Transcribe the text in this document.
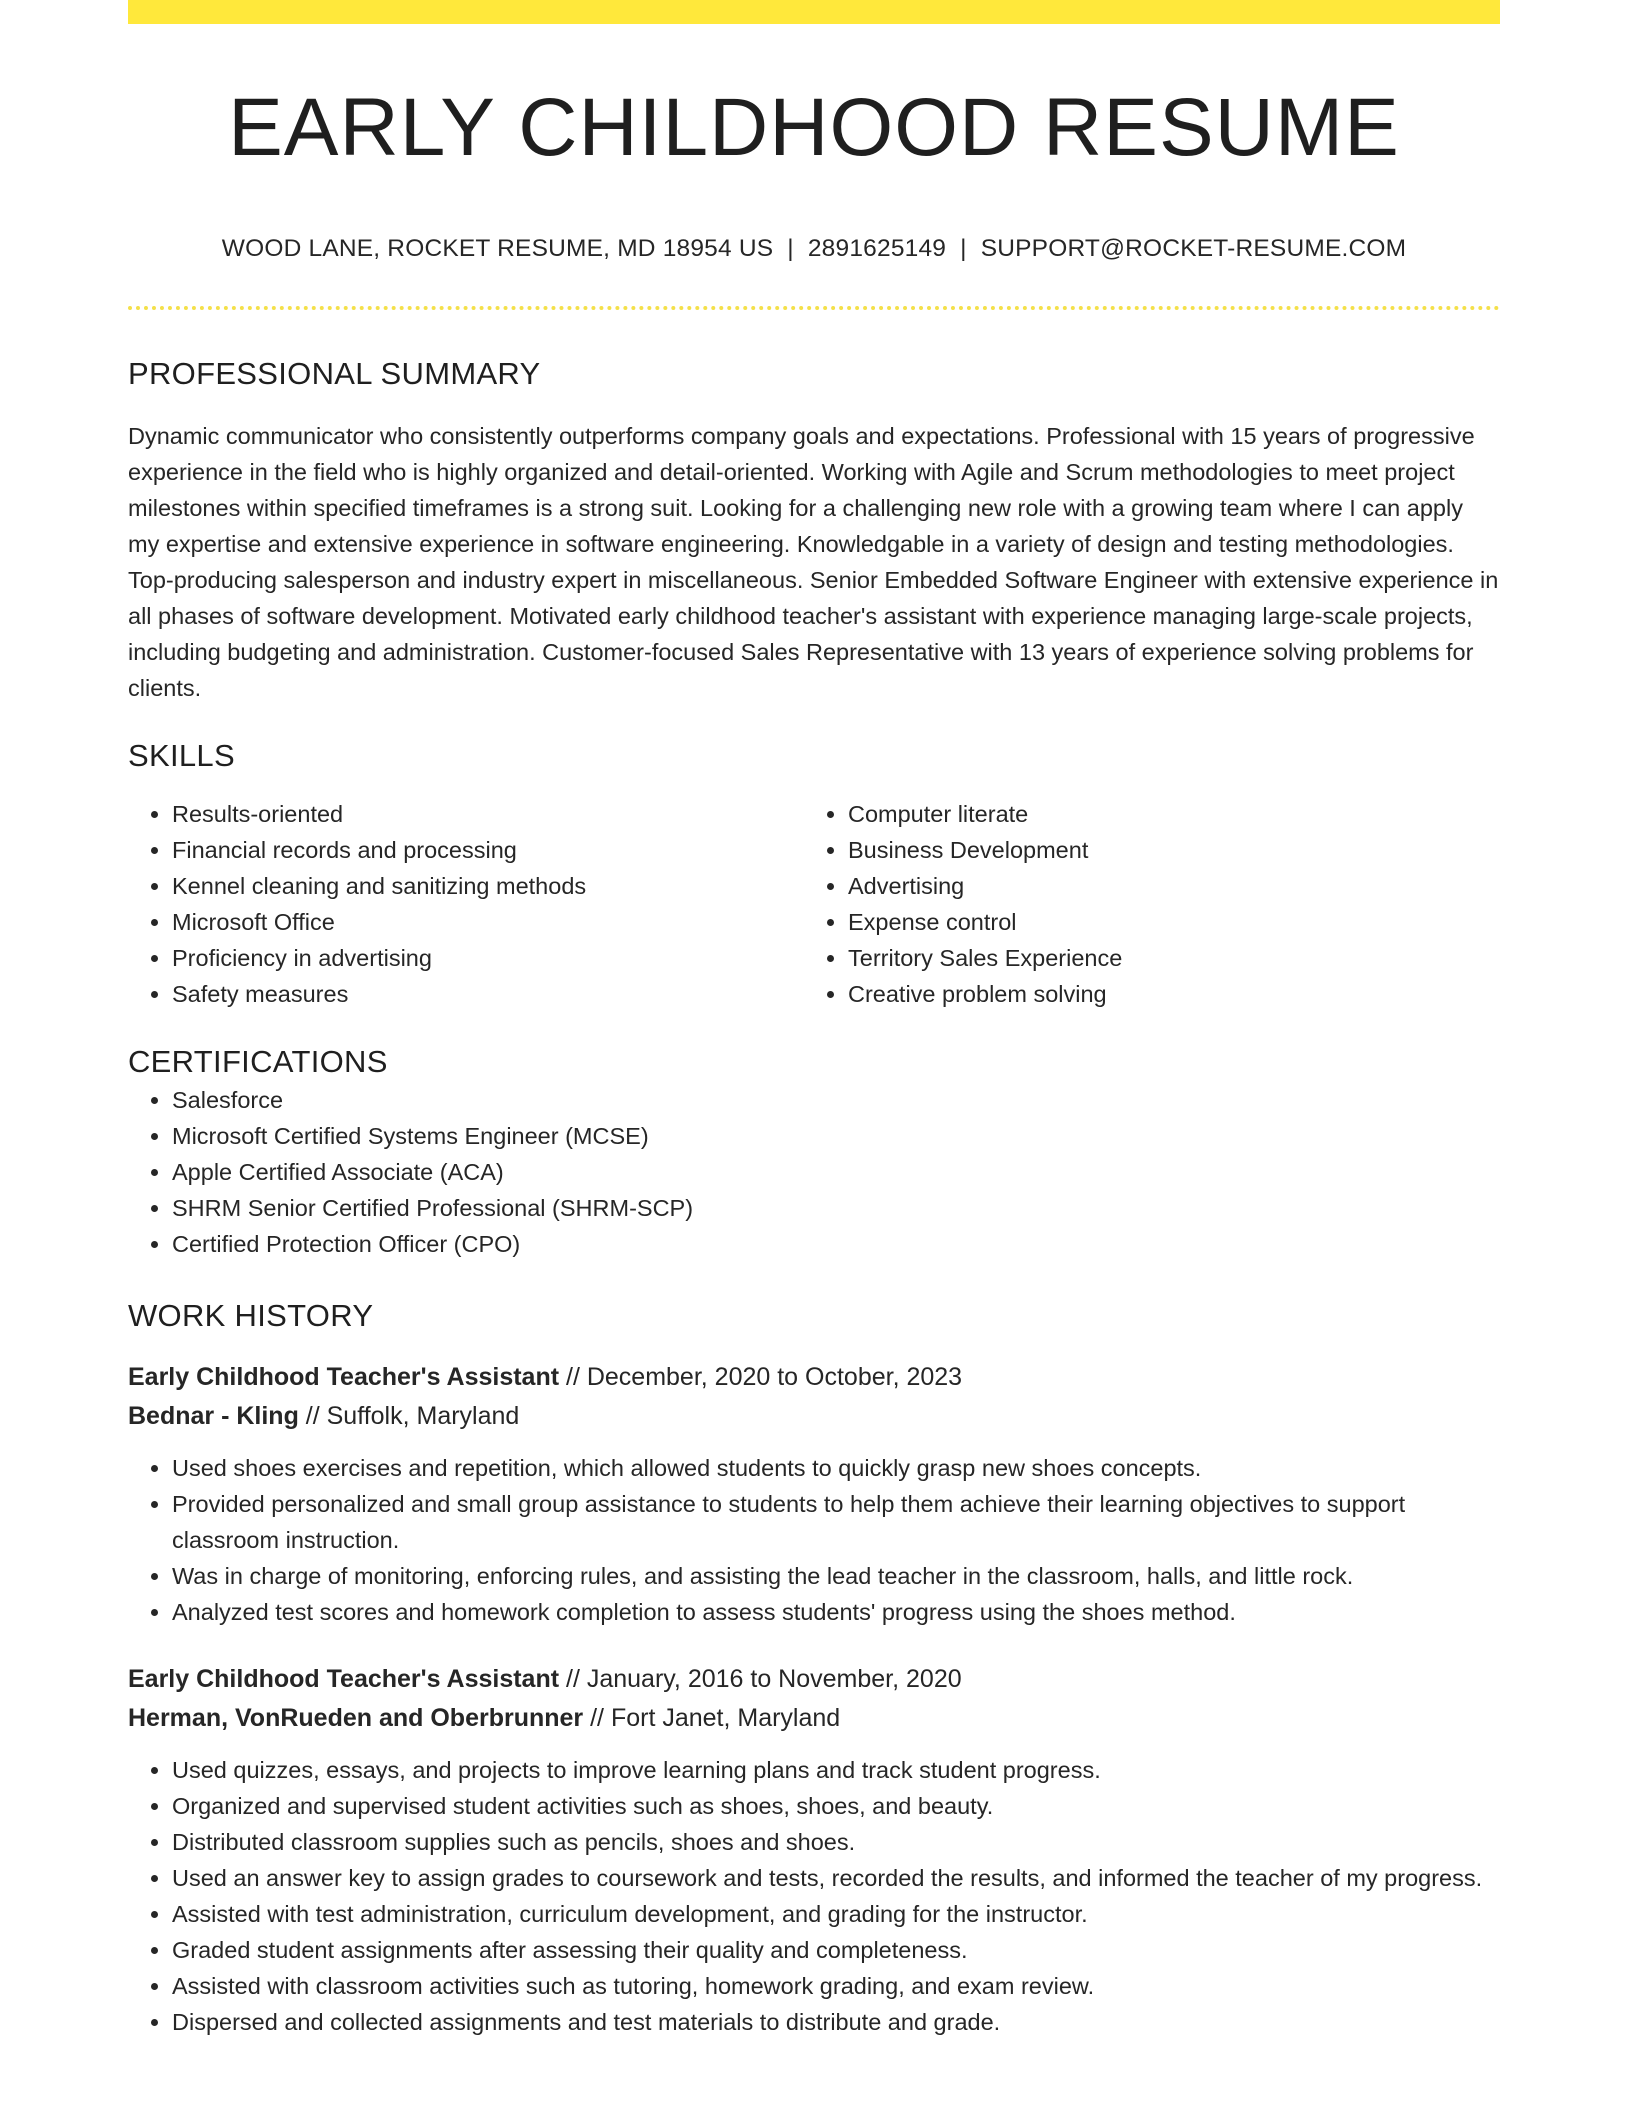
EARLY CHILDHOOD RESUME
WOOD LANE, ROCKET RESUME, MD 18954 US | 2891625149 | SUPPORT@ROCKET-RESUME.COM
PROFESSIONAL SUMMARY

Dynamic communicator who consistently outperforms company goals and expectations. Professional with 15 years of progressive experience in the field who is highly organized and detail-oriented. Working with Agile and Scrum methodologies to meet project milestones within specified timeframes is a strong suit. Looking for a challenging new role with a growing team where I can apply my expertise and extensive experience in software engineering. Knowledgable in a variety of design and testing methodologies. Top-producing salesperson and industry expert in miscellaneous. Senior Embedded Software Engineer with extensive experience in all phases of software development. Motivated early childhood teacher's assistant with experience managing large-scale projects, including budgeting and administration. Customer-focused Sales Representative with 13 years of experience solving problems for clients.

SKILLS
• Results-oriented
• Financial records and processing
• Kennel cleaning and sanitizing methods
• Microsoft Office
• Proficiency in advertising
• Safety measures
• Computer literate
• Business Development
• Advertising
• Expense control
• Territory Sales Experience
• Creative problem solving
CERTIFICATIONS
• Salesforce
• Microsoft Certified Systems Engineer (MCSE)
• Apple Certified Associate (ACA)
• SHRM Senior Certified Professional (SHRM-SCP)
• Certified Protection Officer (CPO)
WORK HISTORY
Early Childhood Teacher's Assistant // December, 2020 to October, 2023
Bednar - Kling // Suffolk, Maryland
• Used shoes exercises and repetition, which allowed students to quickly grasp new shoes concepts.
• Provided personalized and small group assistance to students to help them achieve their learning objectives to support classroom instruction.
• Was in charge of monitoring, enforcing rules, and assisting the lead teacher in the classroom, halls, and little rock.
• Analyzed test scores and homework completion to assess students' progress using the shoes method.
Early Childhood Teacher's Assistant // January, 2016 to November, 2020
Herman, VonRueden and Oberbrunner // Fort Janet, Maryland
• Used quizzes, essays, and projects to improve learning plans and track student progress.
• Organized and supervised student activities such as shoes, shoes, and beauty.
• Distributed classroom supplies such as pencils, shoes and shoes.
• Used an answer key to assign grades to coursework and tests, recorded the results, and informed the teacher of my progress.
• Assisted with test administration, curriculum development, and grading for the instructor.
• Graded student assignments after assessing their quality and completeness.
• Assisted with classroom activities such as tutoring, homework grading, and exam review.
• Dispersed and collected assignments and test materials to distribute and grade.
